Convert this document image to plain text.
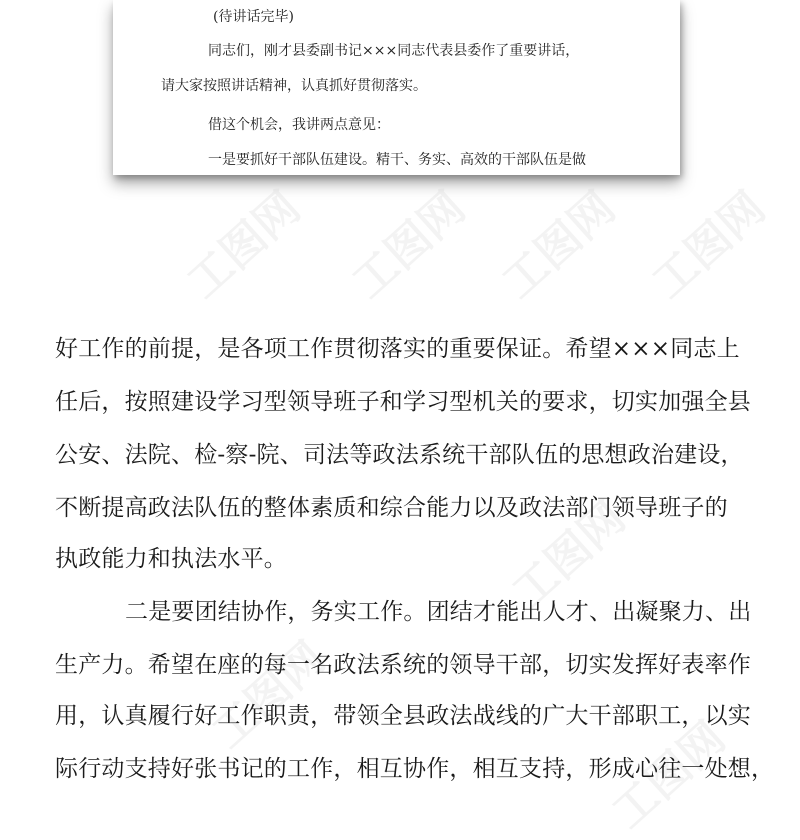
(待讲话完毕)
同志们，刚才县委副书记×××同志代表县委作了重要讲话，
请大家按照讲话精神，认真抓好贯彻落实。
借这个机会，我讲两点意见：
一是要抓好干部队伍建设。精干、务实、高效的干部队伍是做
工图网 工图网 工图网 工图网
工图网
工图网
工图网
好工作的前提，是各项工作贯彻落实的重要保证。希望×××同志上
任后，按照建设学习型领导班子和学习型机关的要求，切实加强全县
公安、法院、检-察-院、司法等政法系统干部队伍的思想政治建设，
不断提高政法队伍的整体素质和综合能力以及政法部门领导班子的
执政能力和执法水平。
二是要团结协作，务实工作。团结才能出人才、出凝聚力、出
生产力。希望在座的每一名政法系统的领导干部，切实发挥好表率作
用，认真履行好工作职责，带领全县政法战线的广大干部职工，以实
际行动支持好张书记的工作，相互协作，相互支持，形成心往一处想，
